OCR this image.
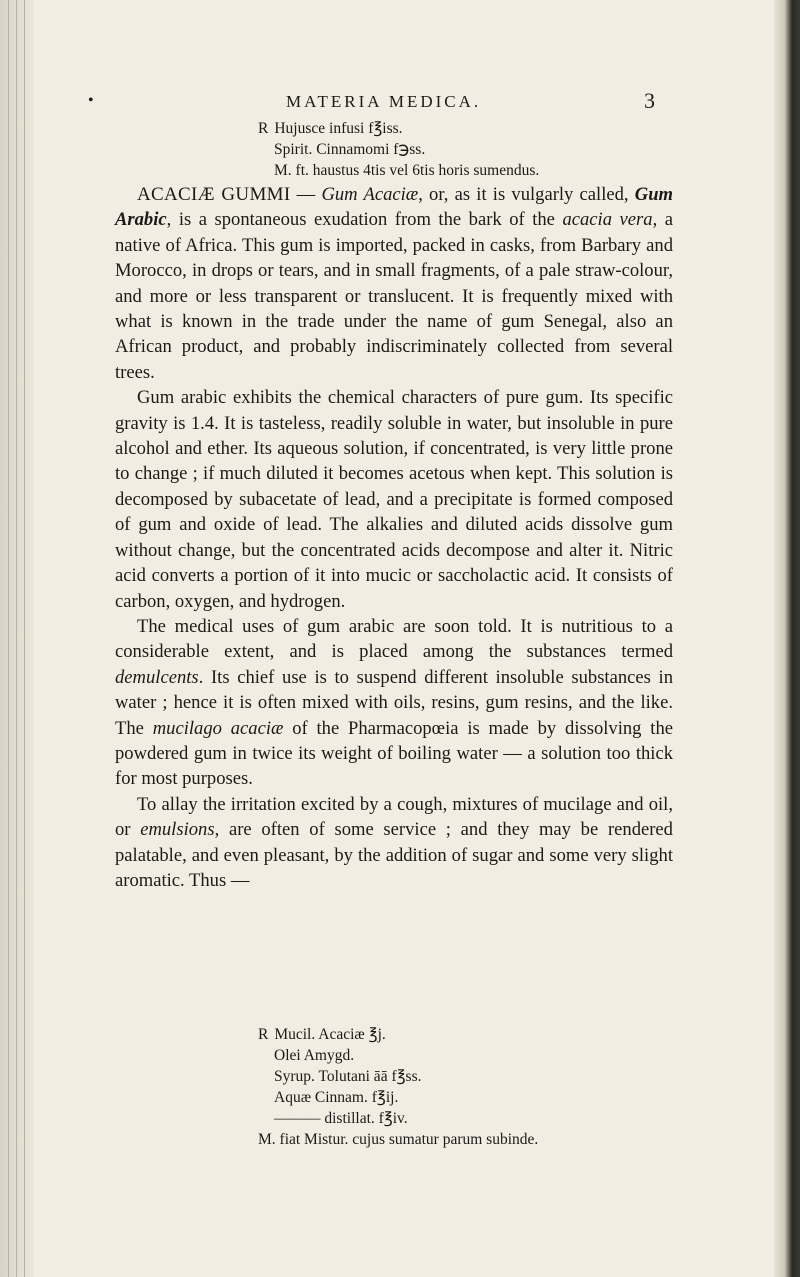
•	MATERIA MEDICA.	3
R Hujusce infusi f℥iss.
Spirit. Cinnamomi f℈ss.
M. ft. haustus 4tis vel 6tis horis sumendus.

ACACIÆ GUMMI — Gum Acaciæ, or, as it is vulgarly called, Gum Arabic, is a spontaneous exudation from the bark of the acacia vera, a native of Africa. This gum is imported, packed in casks, from Barbary and Morocco, in drops or tears, and in small fragments, of a pale straw-colour, and more or less transparent or translucent. It is frequently mixed with what is known in the trade under the name of gum Senegal, also an African product, and probably indiscriminately collected from several trees.

Gum arabic exhibits the chemical characters of pure gum. Its specific gravity is 1.4. It is tasteless, readily soluble in water, but insoluble in pure alcohol and ether. Its aqueous solution, if concentrated, is very little prone to change ; if much diluted it becomes acetous when kept. This solution is decomposed by subacetate of lead, and a precipitate is formed composed of gum and oxide of lead. The alkalies and diluted acids dissolve gum without change, but the concentrated acids decompose and alter it. Nitric acid converts a portion of it into mucic or saccholactic acid. It consists of carbon, oxygen, and hydrogen.

The medical uses of gum arabic are soon told. It is nutritious to a considerable extent, and is placed among the substances termed demulcents. Its chief use is to suspend different insoluble substances in water ; hence it is often mixed with oils, resins, gum resins, and the like. The mucilago acaciæ of the Pharmacopœia is made by dissolving the powdered gum in twice its weight of boiling water — a solution too thick for most purposes.

To allay the irritation excited by a cough, mixtures of mucilage and oil, or emulsions, are often of some service ; and they may be rendered palatable, and even pleasant, by the addition of sugar and some very slight aromatic. Thus —

R Mucil. Acaciæ ℥j.
Olei Amygd.
Syrup. Tolutani āā f℥ss.
Aquæ Cinnam. f℥ij.
——— distillat. f℥iv.
M. fiat Mistur. cujus sumatur parum subinde.
